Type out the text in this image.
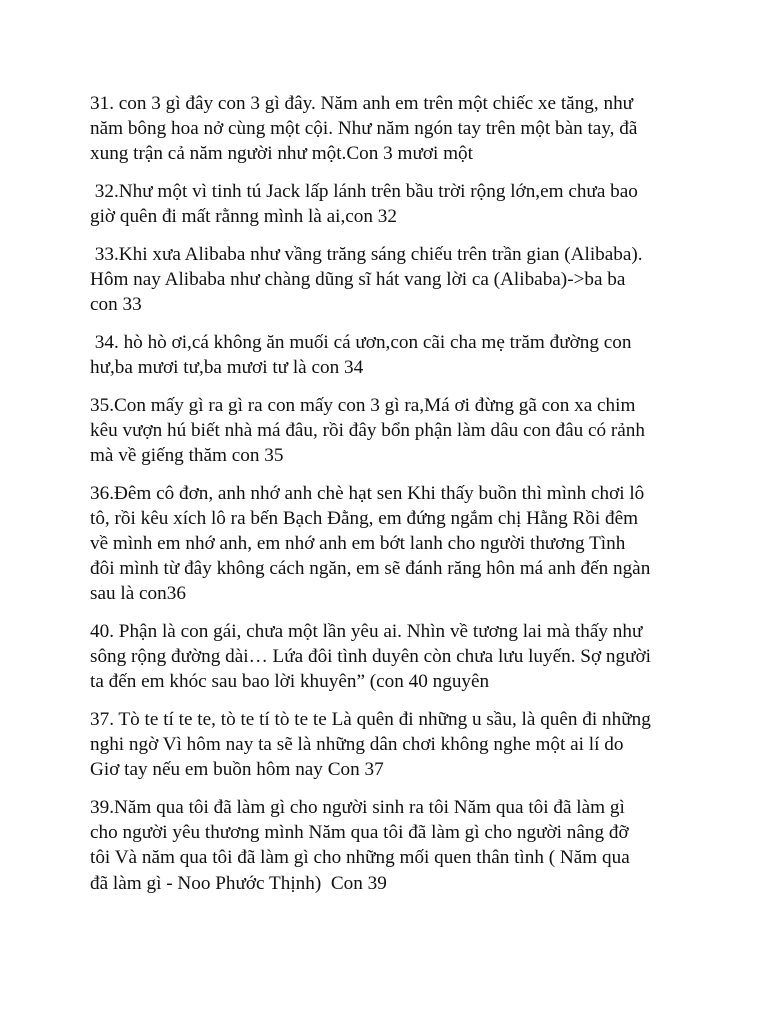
31. con 3 gì đây con 3 gì đây. Năm anh em trên một chiếc xe tăng, như
năm bông hoa nở cùng một cội. Như năm ngón tay trên một bàn tay, đã
xung trận cả năm người như một.Con 3 mươi một

32.Như một vì tinh tú Jack lấp lánh trên bầu trời rộng lớn,em chưa bao
giờ quên đi mất rằnng mình là ai,con 32

33.Khi xưa Alibaba như vầng trăng sáng chiếu trên trần gian (Alibaba).
Hôm nay Alibaba như chàng dũng sĩ hát vang lời ca (Alibaba)->ba ba
con 33

34. hò hò ơi,cá không ăn muối cá ươn,con cãi cha mẹ trăm đường con
hư,ba mươi tư,ba mươi tư là con 34

35.Con mấy gì ra gì ra con mấy con 3 gì ra,Má ơi đừng gã con xa chim
kêu vượn hú biết nhà má đâu, rồi đây bổn phận làm dâu con đâu có rảnh
mà về giếng thăm con 35

36.Đêm cô đơn, anh nhớ anh chè hạt sen Khi thấy buồn thì mình chơi lô
tô, rồi kêu xích lô ra bến Bạch Đằng, em đứng ngắm chị Hằng Rồi đêm
về mình em nhớ anh, em nhớ anh em bớt lanh cho người thương Tình
đôi mình từ đây không cách ngăn, em sẽ đánh răng hôn má anh đến ngàn
sau là con36

40. Phận là con gái, chưa một lần yêu ai. Nhìn về tương lai mà thấy như
sông rộng đường dài… Lứa đôi tình duyên còn chưa lưu luyến. Sợ người
ta đến em khóc sau bao lời khuyên” (con 40 nguyên

37. Tò te tí te te, tò te tí tò te te Là quên đi những u sầu, là quên đi những
nghi ngờ Vì hôm nay ta sẽ là những dân chơi không nghe một ai lí do
Giơ tay nếu em buồn hôm nay Con 37

39.Năm qua tôi đã làm gì cho người sinh ra tôi Năm qua tôi đã làm gì
cho người yêu thương mình Năm qua tôi đã làm gì cho người nâng đỡ
tôi Và năm qua tôi đã làm gì cho những mối quen thân tình ( Năm qua
đã làm gì - Noo Phước Thịnh)  Con 39
